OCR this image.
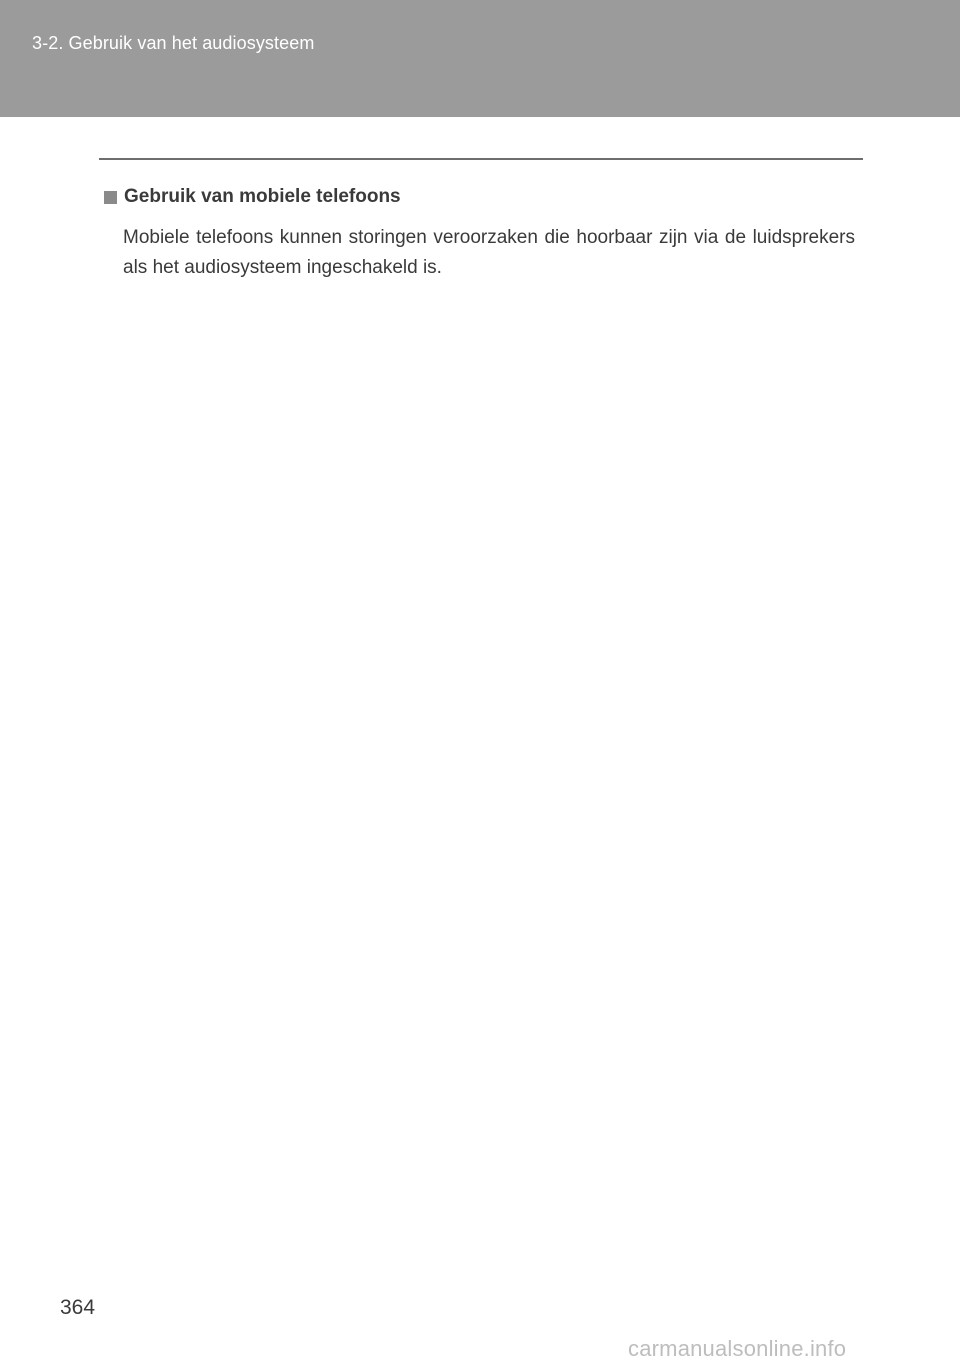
3-2. Gebruik van het audiosysteem
Gebruik van mobiele telefoons

Mobiele telefoons kunnen storingen veroorzaken die hoorbaar zijn via de luidsprekers als het audiosysteem ingeschakeld is.

364
carmanualsonline.info
